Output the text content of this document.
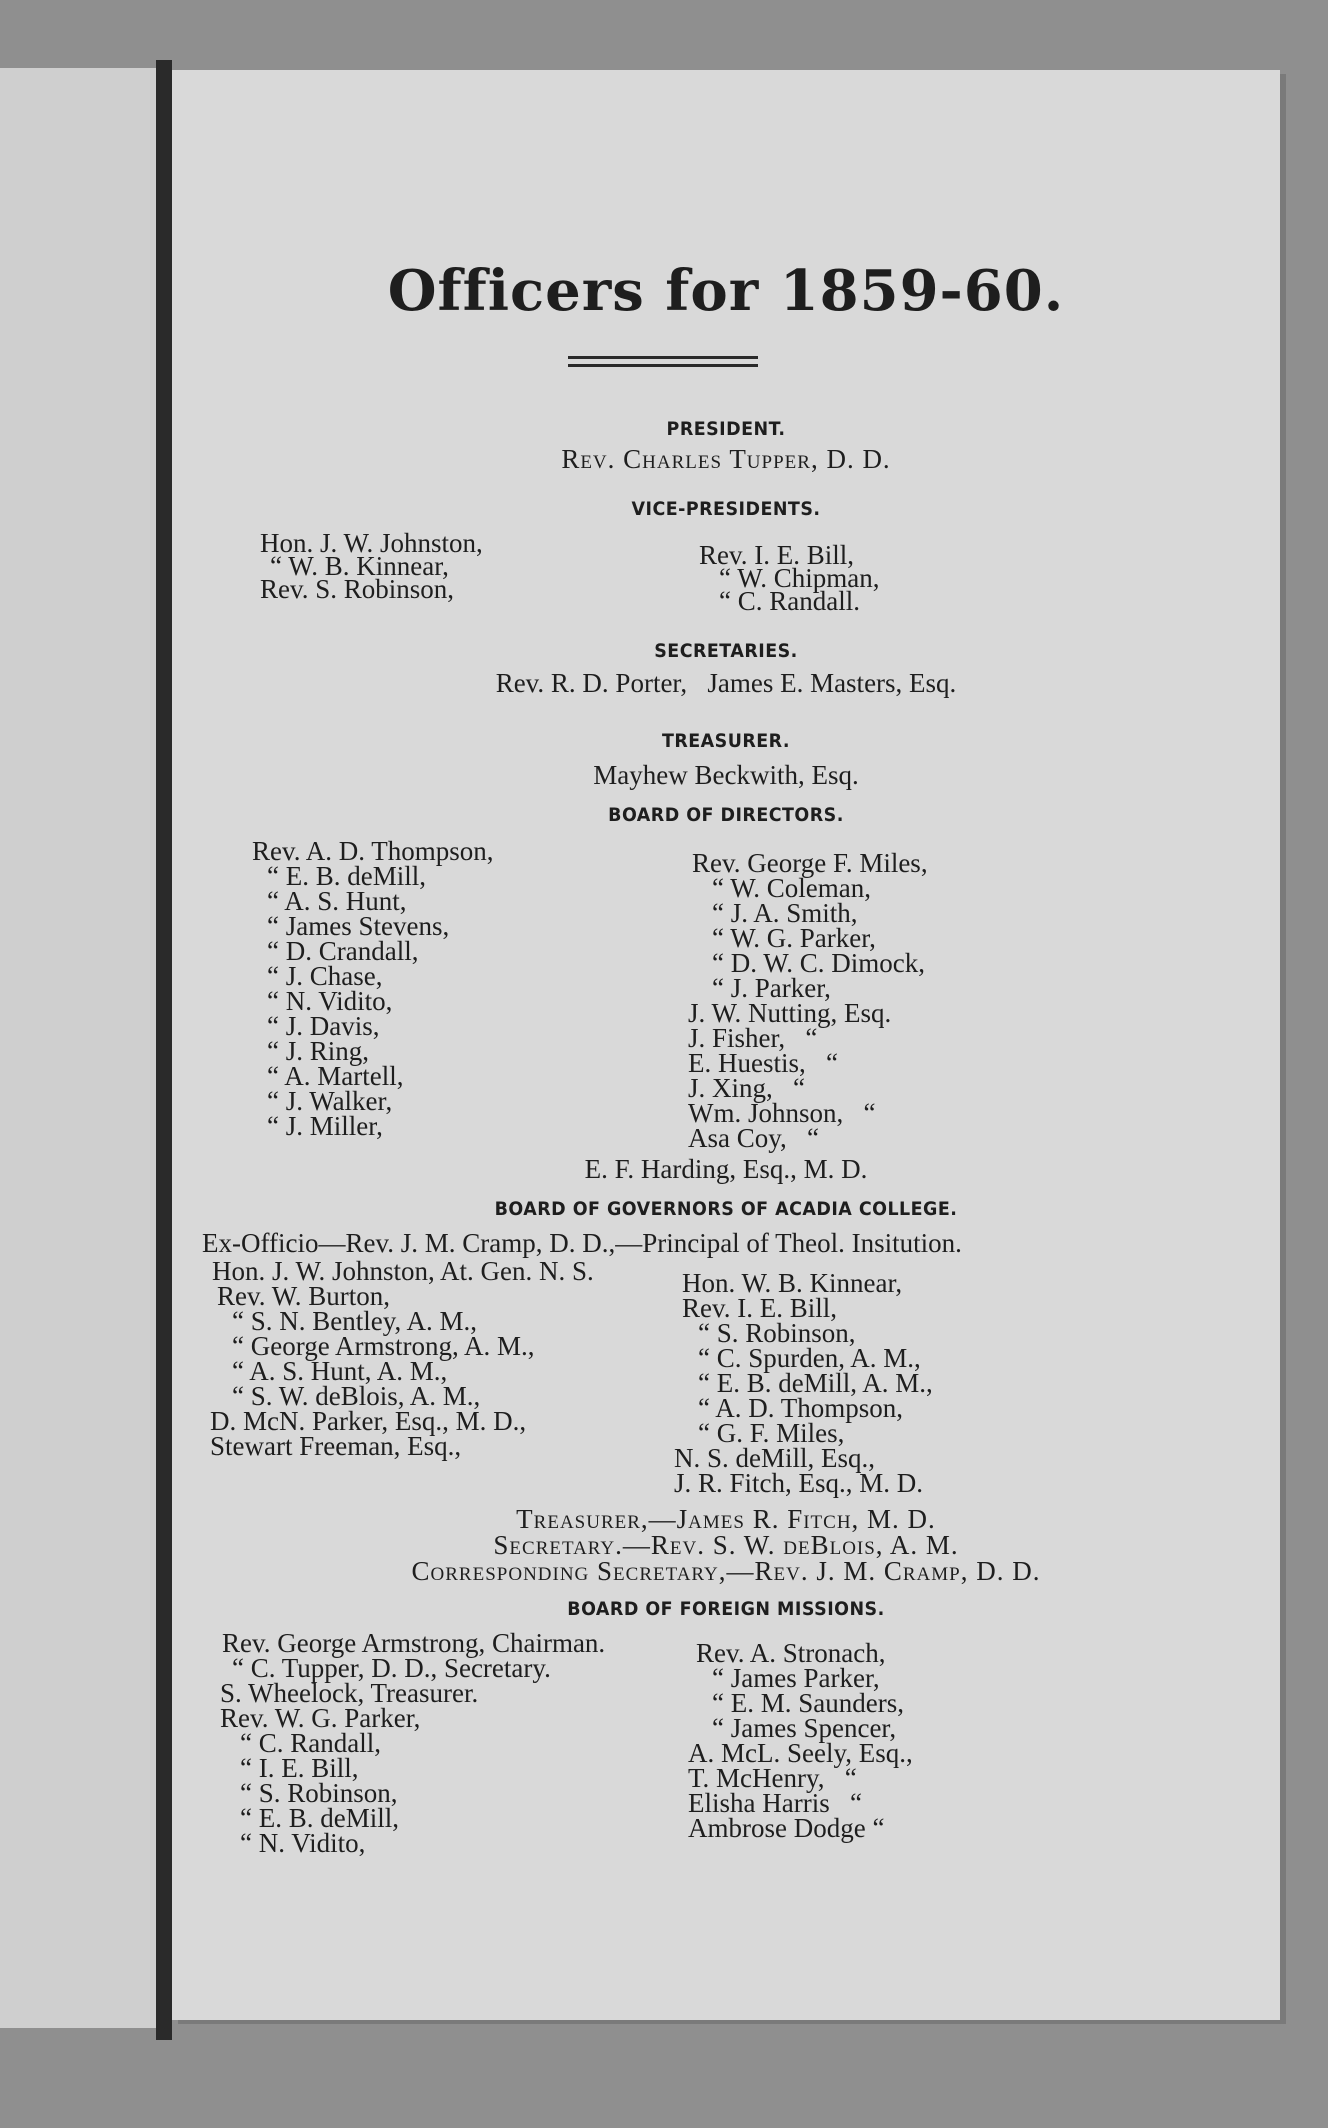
Officers for 1859-60.
PRESIDENT.
Rev. Charles Tupper, D. D.
VICE-PRESIDENTS.
Hon. J. W. Johnston,
“ W. B. Kinnear,
Rev. S. Robinson,
Rev. I. E. Bill,
“ W. Chipman,
“ C. Randall.
SECRETARIES.
Rev. R. D. Porter,   James E. Masters, Esq.
TREASURER.
Mayhew Beckwith, Esq.
BOARD OF DIRECTORS.
Rev. A. D. Thompson,
“ E. B. deMill,
“ A. S. Hunt,
“ James Stevens,
“ D. Crandall,
“ J. Chase,
“ N. Vidito,
“ J. Davis,
“ J. Ring,
“ A. Martell,
“ J. Walker,
“ J. Miller,
Rev. George F. Miles,
“ W. Coleman,
“ J. A. Smith,
“ W. G. Parker,
“ D. W. C. Dimock,
“ J. Parker,
J. W. Nutting, Esq.
J. Fisher,   “
E. Huestis,   “
J. Xing,   “
Wm. Johnson,   “
Asa Coy,   “
E. F. Harding, Esq., M. D.
BOARD OF GOVERNORS OF ACADIA COLLEGE.
Ex-Officio—Rev. J. M. Cramp, D. D.,—Principal of Theol. Insitution.
Hon. J. W. Johnston, At. Gen. N. S.
Rev. W. Burton,
“ S. N. Bentley, A. M.,
“ George Armstrong, A. M.,
“ A. S. Hunt, A. M.,
“ S. W. deBlois, A. M.,
D. McN. Parker, Esq., M. D.,
Stewart Freeman, Esq.,
Hon. W. B. Kinnear,
Rev. I. E. Bill,
“ S. Robinson,
“ C. Spurden, A. M.,
“ E. B. deMill, A. M.,
“ A. D. Thompson,
“ G. F. Miles,
N. S. deMill, Esq.,
J. R. Fitch, Esq., M. D.
Treasurer,—James R. Fitch, M. D.
Secretary.—Rev. S. W. deBlois, A. M.
Corresponding Secretary,—Rev. J. M. Cramp, D. D.
BOARD OF FOREIGN MISSIONS.
Rev. George Armstrong, Chairman.
“ C. Tupper, D. D., Secretary.
S. Wheelock, Treasurer.
Rev. W. G. Parker,
“ C. Randall,
“ I. E. Bill,
“ S. Robinson,
“ E. B. deMill,
“ N. Vidito,
Rev. A. Stronach,
“ James Parker,
“ E. M. Saunders,
“ James Spencer,
A. McL. Seely, Esq.,
T. McHenry,   “
Elisha Harris   “
Ambrose Dodge “
